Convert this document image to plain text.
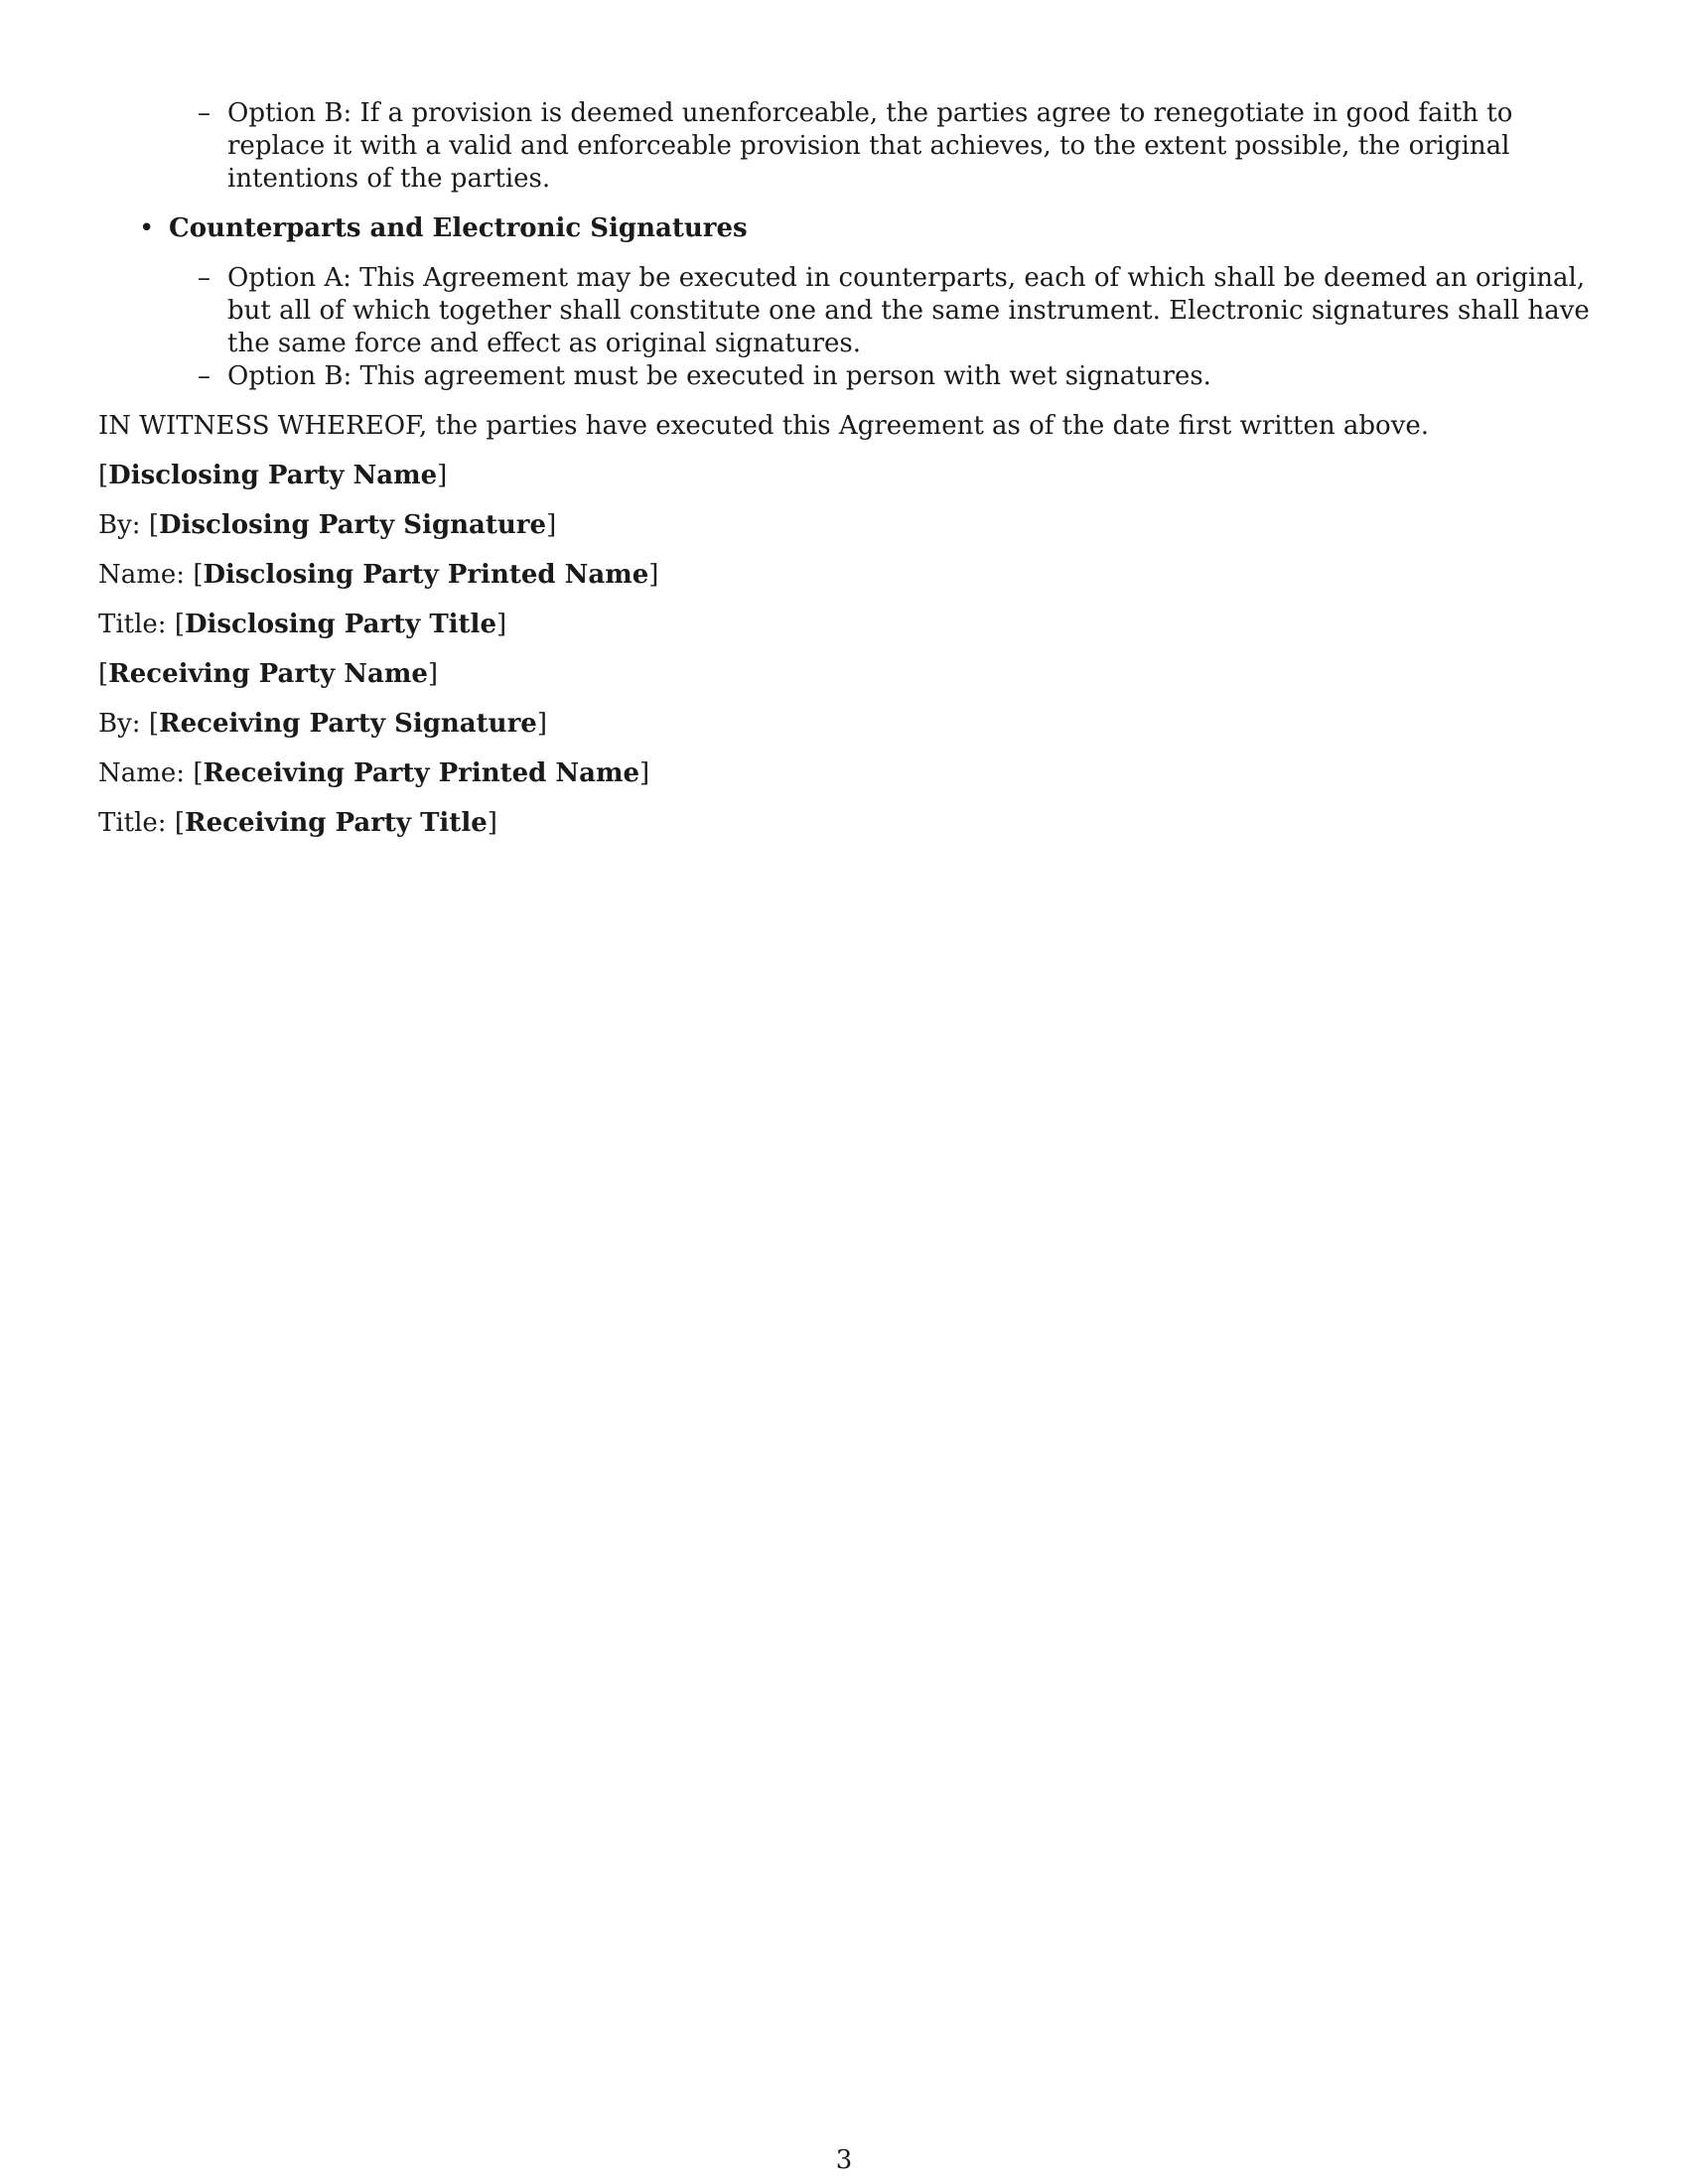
– Option B: If a provision is deemed unenforceable, the parties agree to renegotiate in good faith to replace it with a valid and enforceable provision that achieves, to the extent possible, the original intentions of the parties.
• Counterparts and Electronic Signatures
– Option A: This Agreement may be executed in counterparts, each of which shall be deemed an original, but all of which together shall constitute one and the same instrument. Electronic signatures shall have the same force and effect as original signatures.
– Option B: This agreement must be executed in person with wet signatures.

IN WITNESS WHEREOF, the parties have executed this Agreement as of the date first written above.

[Disclosing Party Name]

By: [Disclosing Party Signature]

Name: [Disclosing Party Printed Name]

Title: [Disclosing Party Title]

[Receiving Party Name]

By: [Receiving Party Signature]

Name: [Receiving Party Printed Name]

Title: [Receiving Party Title]

3
